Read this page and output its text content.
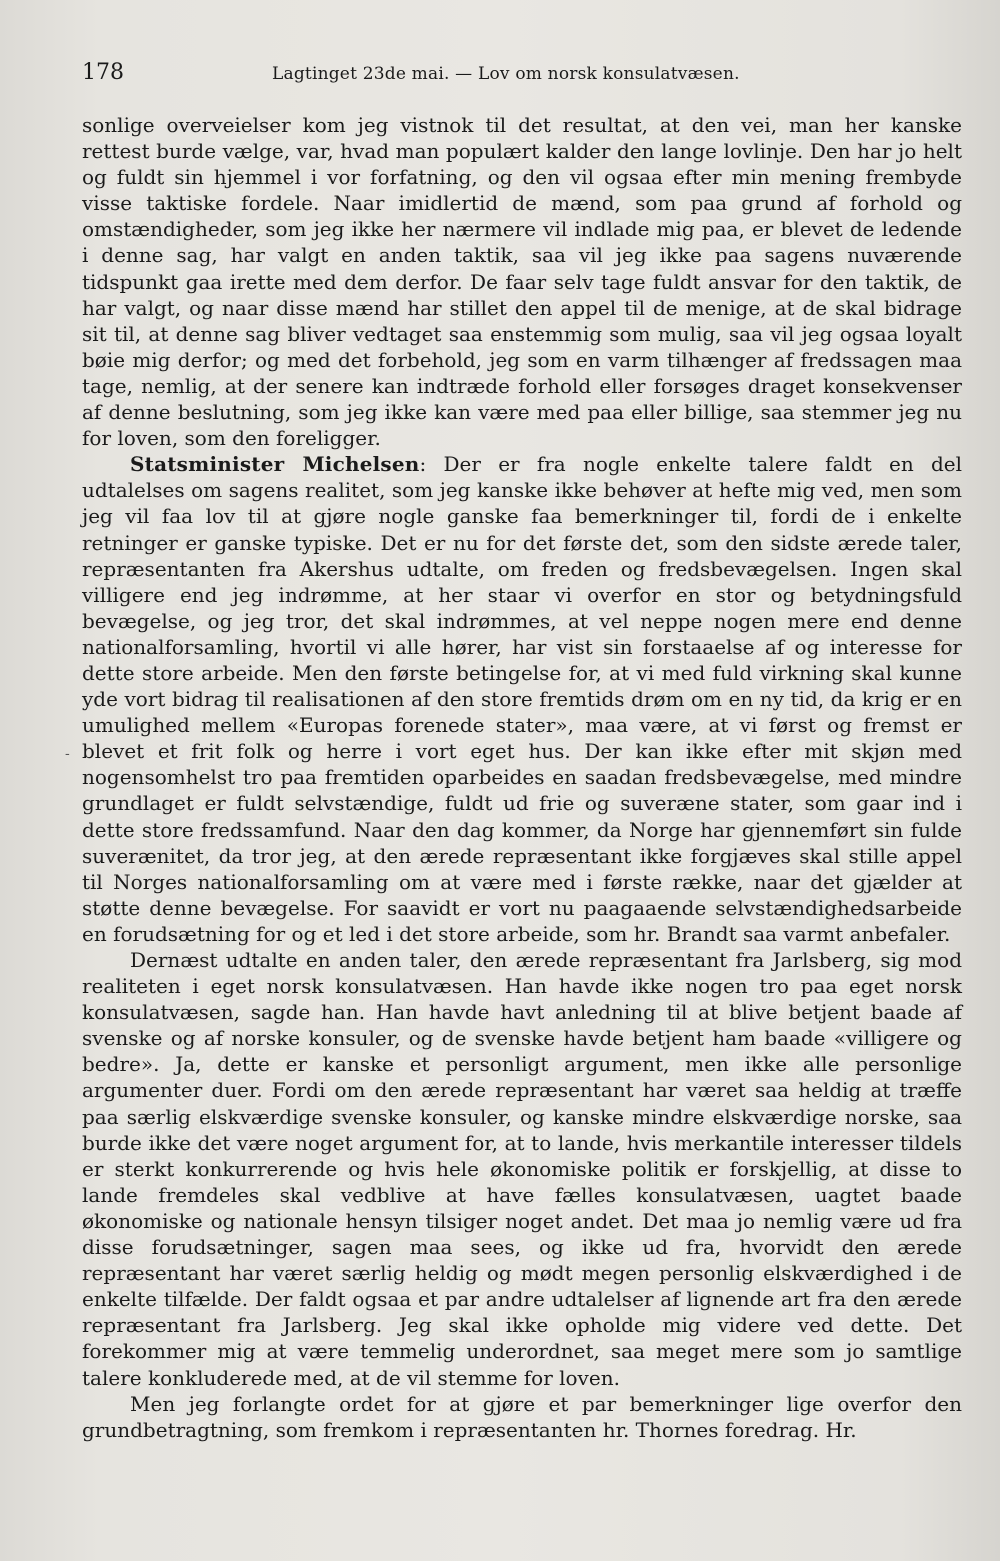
178	Lagtinget 23de mai. — Lov om norsk konsulatvæsen.
-

sonlige overveielser kom jeg vistnok til det resultat, at den vei, man her kanske rettest burde vælge, var, hvad man populært kalder den lange lovlinje. Den har jo helt og fuldt sin hjemmel i vor forfatning, og den vil ogsaa efter min mening frembyde visse taktiske fordele. Naar imidlertid de mænd, som paa grund af forhold og omstændigheder, som jeg ikke her nærmere vil indlade mig paa, er blevet de ledende i denne sag, har valgt en anden taktik, saa vil jeg ikke paa sagens nuværende tidspunkt gaa irette med dem derfor. De faar selv tage fuldt ansvar for den taktik, de har valgt, og naar disse mænd har stillet den appel til de menige, at de skal bidrage sit til, at denne sag bliver vedtaget saa enstemmig som mulig, saa vil jeg ogsaa loyalt bøie mig derfor; og med det forbehold, jeg som en varm tilhænger af fredssagen maa tage, nemlig, at der senere kan indtræde forhold eller forsøges draget konsekvenser af denne beslutning, som jeg ikke kan være med paa eller billige, saa stemmer jeg nu for loven, som den foreligger.

Statsminister Michelsen: Der er fra nogle enkelte talere faldt en del udtalelses om sagens realitet, som jeg kanske ikke behøver at hefte mig ved, men som jeg vil faa lov til at gjøre nogle ganske faa bemerkninger til, fordi de i enkelte retninger er ganske typiske. Det er nu for det første det, som den sidste ærede taler, repræsentanten fra Akershus udtalte, om freden og fredsbevægelsen. Ingen skal villigere end jeg indrømme, at her staar vi overfor en stor og betydningsfuld bevægelse, og jeg tror, det skal indrømmes, at vel neppe nogen mere end denne nationalforsamling, hvortil vi alle hører, har vist sin forstaaelse af og interesse for dette store arbeide. Men den første betingelse for, at vi med fuld virkning skal kunne yde vort bidrag til realisationen af den store fremtids drøm om en ny tid, da krig er en umulighed mellem «Europas forenede stater», maa være, at vi først og fremst er blevet et frit folk og herre i vort eget hus. Der kan ikke efter mit skjøn med nogensomhelst tro paa fremtiden oparbeides en saadan fredsbevægelse, med mindre grundlaget er fuldt selvstændige, fuldt ud frie og suveræne stater, som gaar ind i dette store fredssamfund. Naar den dag kommer, da Norge har gjennemført sin fulde suverænitet, da tror jeg, at den ærede repræsentant ikke forgjæves skal stille appel til Norges nationalforsamling om at være med i første række, naar det gjælder at støtte denne bevægelse. For saavidt er vort nu paagaaende selvstændighedsarbeide en forudsætning for og et led i det store arbeide, som hr. Brandt saa varmt anbefaler.

Dernæst udtalte en anden taler, den ærede repræsentant fra Jarlsberg, sig mod realiteten i eget norsk konsulatvæsen. Han havde ikke nogen tro paa eget norsk konsulatvæsen, sagde han. Han havde havt anledning til at blive betjent baade af svenske og af norske konsuler, og de svenske havde betjent ham baade «villigere og bedre». Ja, dette er kanske et personligt argument, men ikke alle personlige argumenter duer. Fordi om den ærede repræsentant har været saa heldig at træffe paa særlig elskværdige svenske konsuler, og kanske mindre elskværdige norske, saa burde ikke det være noget argument for, at to lande, hvis merkantile interesser tildels er sterkt konkurrerende og hvis hele økonomiske politik er forskjellig, at disse to lande fremdeles skal vedblive at have fælles konsulatvæsen, uagtet baade økonomiske og nationale hensyn tilsiger noget andet. Det maa jo nemlig være ud fra disse forudsætninger, sagen maa sees, og ikke ud fra, hvorvidt den ærede repræsentant har været særlig heldig og mødt megen personlig elskværdighed i de enkelte tilfælde. Der faldt ogsaa et par andre udtalelser af lignende art fra den ærede repræsentant fra Jarlsberg. Jeg skal ikke opholde mig videre ved dette. Det forekommer mig at være temmelig underordnet, saa meget mere som jo samtlige talere konkluderede med, at de vil stemme for loven.

Men jeg forlangte ordet for at gjøre et par bemerkninger lige overfor den grundbetragtning, som fremkom i repræsentanten hr. Thornes foredrag. Hr.
